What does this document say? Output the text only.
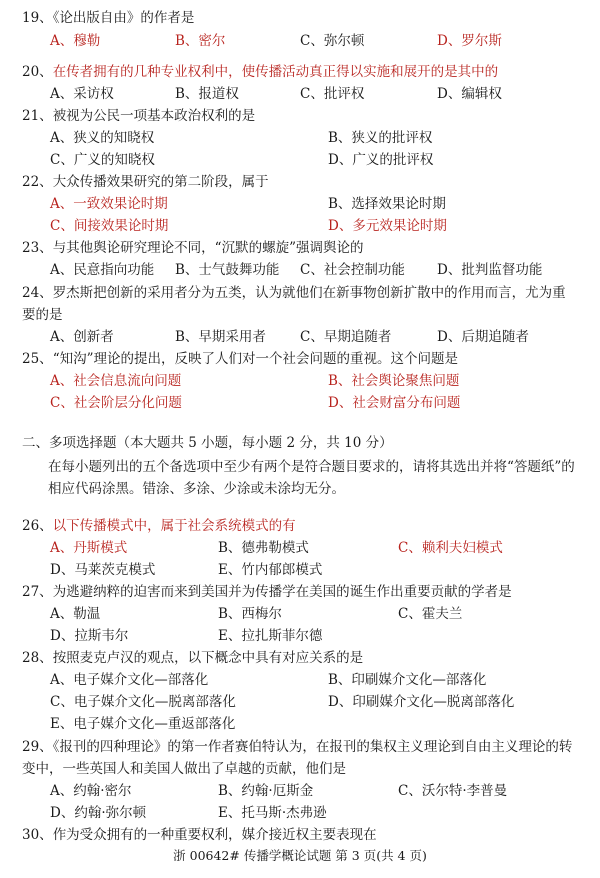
19、《论出版自由》的作者是
A、穆勒	B、密尔	C、弥尔顿	D、罗尔斯
20、在传者拥有的几种专业权利中，使传播活动真正得以实施和展开的是其中的
A、采访权	B、报道权	C、批评权	D、编辑权
21、被视为公民一项基本政治权利的是
A、狭义的知晓权	B、狭义的批评权
C、广义的知晓权	D、广义的批评权
22、大众传播效果研究的第二阶段，属于
A、一致效果论时期	B、选择效果论时期
C、间接效果论时期	D、多元效果论时期
23、与其他舆论研究理论不同，“沉默的螺旋”强调舆论的
A、民意指向功能 B、士气鼓舞功能 C、社会控制功能 D、批判监督功能
24、罗杰斯把创新的采用者分为五类，认为就他们在新事物创新扩散中的作用而言，尤为重要的是
A、创新者	B、早期采用者	C、早期追随者	D、后期追随者
25、“知沟”理论的提出，反映了人们对一个社会问题的重视。这个问题是
A、社会信息流向问题	B、社会舆论聚焦问题
C、社会阶层分化问题	D、社会财富分布问题
二、多项选择题（本大题共 5 小题，每小题 2 分，共 10 分）
在每小题列出的五个备选项中至少有两个是符合题目要求的，请将其选出并将“答题纸”的相应代码涂黑。错涂、多涂、少涂或未涂均无分。
26、以下传播模式中，属于社会系统模式的有
A、丹斯模式	B、德弗勒模式	C、赖利夫妇模式
D、马莱茨克模式	E、竹内郁郎模式
27、为逃避纳粹的迫害而来到美国并为传播学在美国的诞生作出重要贡献的学者是
A、勒温	B、西梅尔	C、霍夫兰
D、拉斯韦尔	E、拉扎斯菲尔德
28、按照麦克卢汉的观点，以下概念中具有对应关系的是
A、电子媒介文化—部落化	B、印刷媒介文化—部落化
C、电子媒介文化—脱离部落化	D、印刷媒介文化—脱离部落化
E、电子媒介文化—重返部落化
29、《报刊的四种理论》的第一作者赛伯特认为，在报刊的集权主义理论到自由主义理论的转变中，一些英国人和美国人做出了卓越的贡献，他们是
A、约翰·密尔	B、约翰·厄斯金	C、沃尔特·李普曼
D、约翰·弥尔顿	E、托马斯·杰弗逊
30、作为受众拥有的一种重要权利，媒介接近权主要表现在
浙 00642# 传播学概论试题 第 3 页(共 4 页)
